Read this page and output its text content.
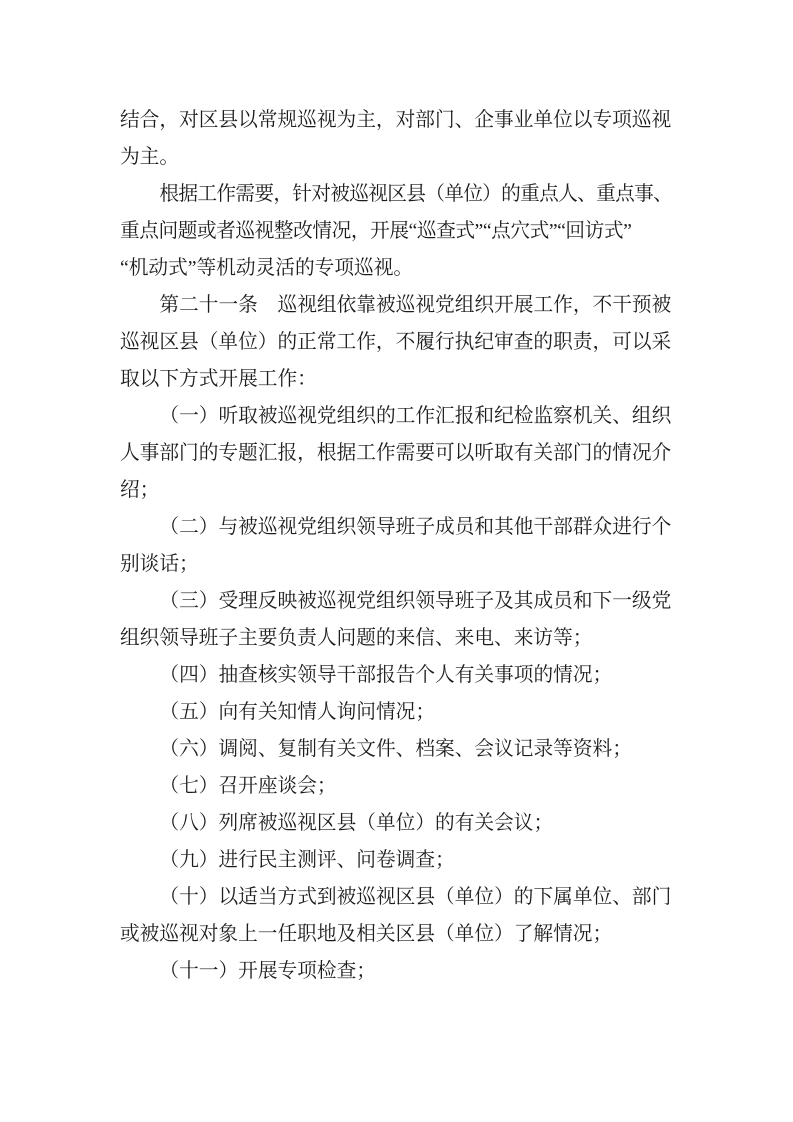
结合，对区县以常规巡视为主，对部门、企事业单位以专项巡视
为主。
根据工作需要，针对被巡视区县（单位）的重点人、重点事、
重点问题或者巡视整改情况，开展“巡查式”“点穴式”“回访式”
“机动式”等机动灵活的专项巡视。
第二十一条　巡视组依靠被巡视党组织开展工作，不干预被
巡视区县（单位）的正常工作，不履行执纪审查的职责，可以采
取以下方式开展工作：
（一）听取被巡视党组织的工作汇报和纪检监察机关、组织
人事部门的专题汇报，根据工作需要可以听取有关部门的情况介
绍；
（二）与被巡视党组织领导班子成员和其他干部群众进行个
别谈话；
（三）受理反映被巡视党组织领导班子及其成员和下一级党
组织领导班子主要负责人问题的来信、来电、来访等；
（四）抽查核实领导干部报告个人有关事项的情况；
（五）向有关知情人询问情况；
（六）调阅、复制有关文件、档案、会议记录等资料；
（七）召开座谈会；
（八）列席被巡视区县（单位）的有关会议；
（九）进行民主测评、问卷调查；
（十）以适当方式到被巡视区县（单位）的下属单位、部门
或被巡视对象上一任职地及相关区县（单位）了解情况；
（十一）开展专项检查；
